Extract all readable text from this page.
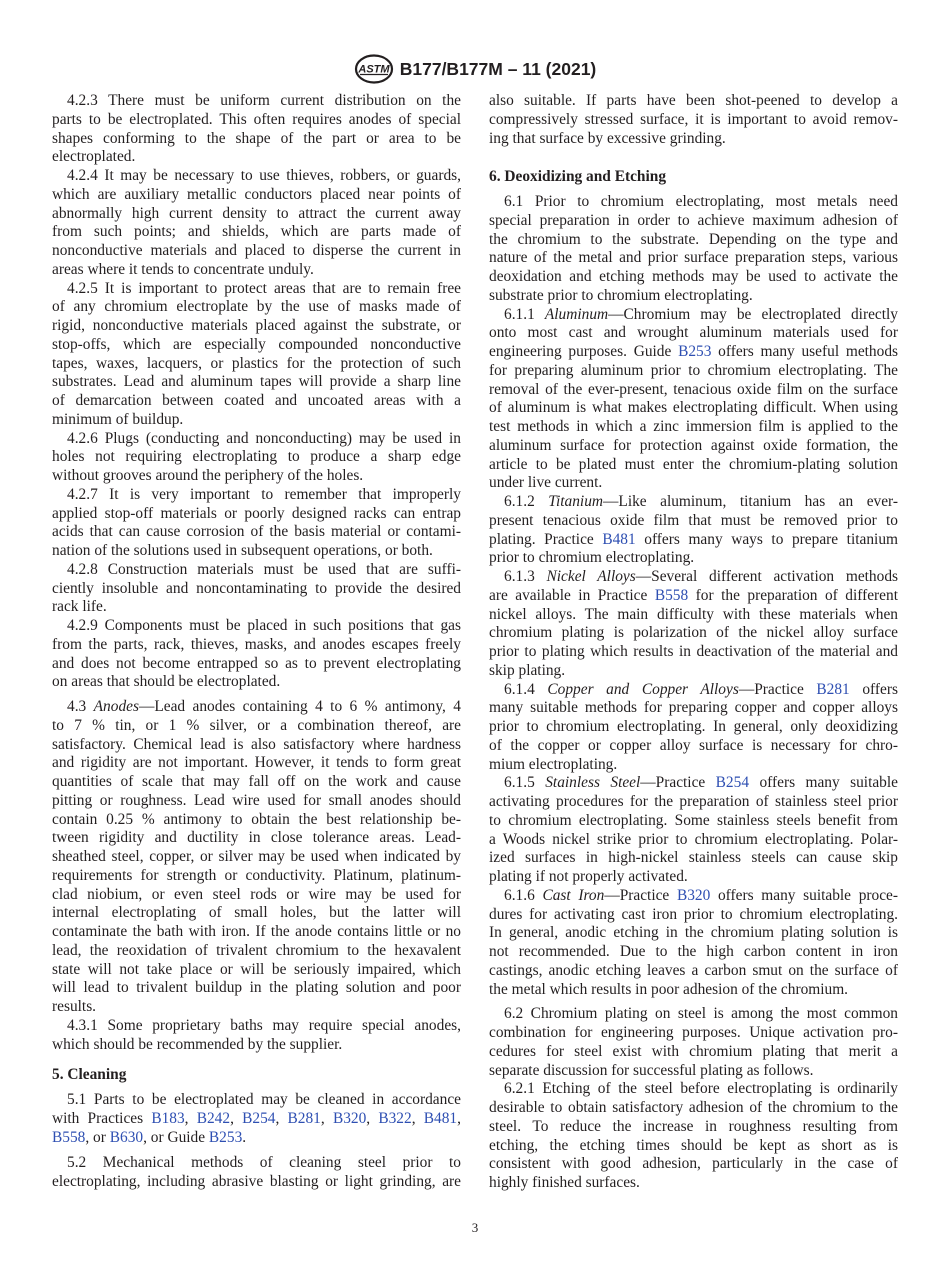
ASTM B177/B177M – 11 (2021)
4.2.3 There must be uniform current distribution on the
parts to be electroplated. This often requires anodes of special
shapes conforming to the shape of the part or area to be
electroplated.
4.2.4 It may be necessary to use thieves, robbers, or guards,
which are auxiliary metallic conductors placed near points of
abnormally high current density to attract the current away
from such points; and shields, which are parts made of
nonconductive materials and placed to disperse the current in
areas where it tends to concentrate unduly.
4.2.5 It is important to protect areas that are to remain free
of any chromium electroplate by the use of masks made of
rigid, nonconductive materials placed against the substrate, or
stop-offs, which are especially compounded nonconductive
tapes, waxes, lacquers, or plastics for the protection of such
substrates. Lead and aluminum tapes will provide a sharp line
of demarcation between coated and uncoated areas with a
minimum of buildup.
4.2.6 Plugs (conducting and nonconducting) may be used in
holes not requiring electroplating to produce a sharp edge
without grooves around the periphery of the holes.
4.2.7 It is very important to remember that improperly
applied stop-off materials or poorly designed racks can entrap
acids that can cause corrosion of the basis material or contami-
nation of the solutions used in subsequent operations, or both.
4.2.8 Construction materials must be used that are suffi-
ciently insoluble and noncontaminating to provide the desired
rack life.
4.2.9 Components must be placed in such positions that gas
from the parts, rack, thieves, masks, and anodes escapes freely
and does not become entrapped so as to prevent electroplating
on areas that should be electroplated.
4.3 Anodes—Lead anodes containing 4 to 6 % antimony, 4
to 7 % tin, or 1 % silver, or a combination thereof, are
satisfactory. Chemical lead is also satisfactory where hardness
and rigidity are not important. However, it tends to form great
quantities of scale that may fall off on the work and cause
pitting or roughness. Lead wire used for small anodes should
contain 0.25 % antimony to obtain the best relationship be-
tween rigidity and ductility in close tolerance areas. Lead-
sheathed steel, copper, or silver may be used when indicated by
requirements for strength or conductivity. Platinum, platinum-
clad niobium, or even steel rods or wire may be used for
internal electroplating of small holes, but the latter will
contaminate the bath with iron. If the anode contains little or no
lead, the reoxidation of trivalent chromium to the hexavalent
state will not take place or will be seriously impaired, which
will lead to trivalent buildup in the plating solution and poor
results.
4.3.1 Some proprietary baths may require special anodes,
which should be recommended by the supplier.
5. Cleaning
5.1 Parts to be electroplated may be cleaned in accordance
with Practices B183, B242, B254, B281, B320, B322, B481,
B558, or B630, or Guide B253.
5.2 Mechanical methods of cleaning steel prior to
electroplating, including abrasive blasting or light grinding, are
also suitable. If parts have been shot-peened to develop a
compressively stressed surface, it is important to avoid remov-
ing that surface by excessive grinding.
6. Deoxidizing and Etching
6.1 Prior to chromium electroplating, most metals need
special preparation in order to achieve maximum adhesion of
the chromium to the substrate. Depending on the type and
nature of the metal and prior surface preparation steps, various
deoxidation and etching methods may be used to activate the
substrate prior to chromium electroplating.
6.1.1 Aluminum—Chromium may be electroplated directly
onto most cast and wrought aluminum materials used for
engineering purposes. Guide B253 offers many useful methods
for preparing aluminum prior to chromium electroplating. The
removal of the ever-present, tenacious oxide film on the surface
of aluminum is what makes electroplating difficult. When using
test methods in which a zinc immersion film is applied to the
aluminum surface for protection against oxide formation, the
article to be plated must enter the chromium-plating solution
under live current.
6.1.2 Titanium—Like aluminum, titanium has an ever-
present tenacious oxide film that must be removed prior to
plating. Practice B481 offers many ways to prepare titanium
prior to chromium electroplating.
6.1.3 Nickel Alloys—Several different activation methods
are available in Practice B558 for the preparation of different
nickel alloys. The main difficulty with these materials when
chromium plating is polarization of the nickel alloy surface
prior to plating which results in deactivation of the material and
skip plating.
6.1.4 Copper and Copper Alloys—Practice B281 offers
many suitable methods for preparing copper and copper alloys
prior to chromium electroplating. In general, only deoxidizing
of the copper or copper alloy surface is necessary for chro-
mium electroplating.
6.1.5 Stainless Steel—Practice B254 offers many suitable
activating procedures for the preparation of stainless steel prior
to chromium electroplating. Some stainless steels benefit from
a Woods nickel strike prior to chromium electroplating. Polar-
ized surfaces in high-nickel stainless steels can cause skip
plating if not properly activated.
6.1.6 Cast Iron—Practice B320 offers many suitable proce-
dures for activating cast iron prior to chromium electroplating.
In general, anodic etching in the chromium plating solution is
not recommended. Due to the high carbon content in iron
castings, anodic etching leaves a carbon smut on the surface of
the metal which results in poor adhesion of the chromium.
6.2 Chromium plating on steel is among the most common
combination for engineering purposes. Unique activation pro-
cedures for steel exist with chromium plating that merit a
separate discussion for successful plating as follows.
6.2.1 Etching of the steel before electroplating is ordinarily
desirable to obtain satisfactory adhesion of the chromium to the
steel. To reduce the increase in roughness resulting from
etching, the etching times should be kept as short as is
consistent with good adhesion, particularly in the case of
highly finished surfaces.
3
